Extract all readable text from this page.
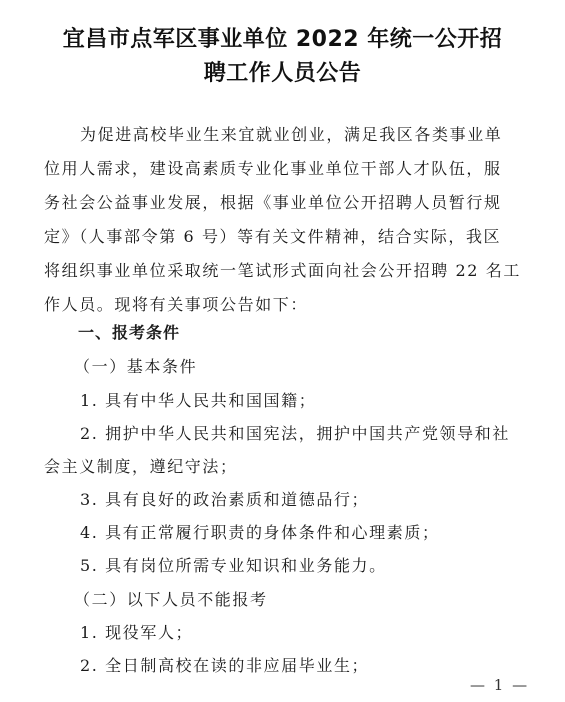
宜昌市点军区事业单位 2022 年统一公开招
聘工作人员公告
为促进高校毕业生来宜就业创业，满足我区各类事业单
位用人需求，建设高素质专业化事业单位干部人才队伍，服
务社会公益事业发展，根据《事业单位公开招聘人员暂行规
定》（人事部令第 6 号）等有关文件精神，结合实际，我区
将组织事业单位采取统一笔试形式面向社会公开招聘 22 名工
作人员。现将有关事项公告如下：
一、报考条件
（一）基本条件
1. 具有中华人民共和国国籍；
2. 拥护中华人民共和国宪法，拥护中国共产党领导和社
会主义制度，遵纪守法；
3. 具有良好的政治素质和道德品行；
4. 具有正常履行职责的身体条件和心理素质；
5. 具有岗位所需专业知识和业务能力。
（二）以下人员不能报考
1. 现役军人；
2. 全日制高校在读的非应届毕业生；
— 1 —
